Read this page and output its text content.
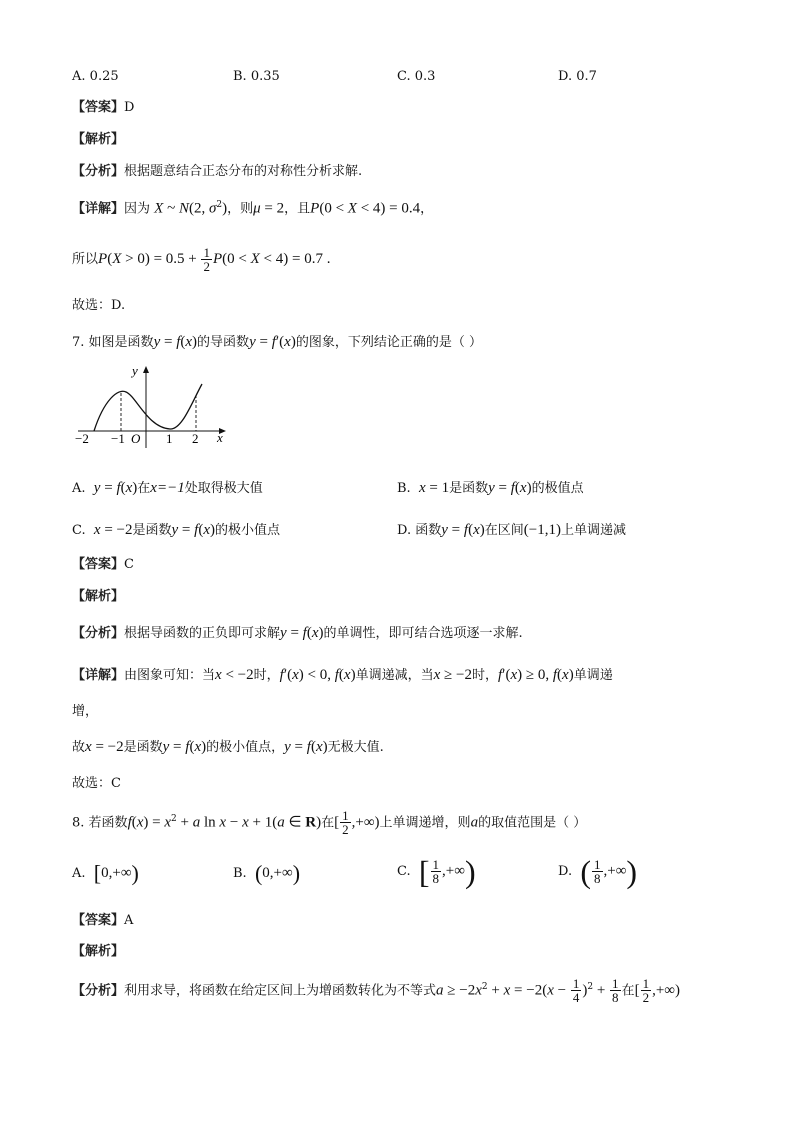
A. 0.25	B. 0.35	C. 0.3	D. 0.7
【答案】D
【解析】
【分析】根据题意结合正态分布的对称性分析求解.
【详解】因为 X ~ N(2, $\sigma^2$)，则μ = 2，且P(0 < X < 4) = 0.4，
所以$P(X > 0) = 0.5 + \frac{1}{2} P(0 < X < 4) = 0.7$ .
故选：D.
7. 如图是函数y = f(x)的导函数y = f′(x)的图象，下列结论正确的是（ ）
y
x
−2 −1 O 1 2
A. y = f(x)在x=−1处取得极大值	B. x = 1是函数y = f(x)的极值点
C. x = −2是函数y = f(x)的极小值点	D. 函数y = f(x)在区间(−1,1)上单调递减
【答案】C
【解析】
【分析】根据导函数的正负即可求解y = f(x)的单调性，即可结合选项逐一求解.
【详解】由图象可知：当x < −2时，f′(x) < 0, f(x)单调递减，当x ≥ −2时，f′(x) ≥ 0, f(x)单调递
增，
故x = −2是函数y = f(x)的极小值点，y = f(x)无极大值.
故选：C
8. 若函数$f(x) = x^2 + a$ ln x − x + 1(a ∈ R)在[ $\frac{1}{2}$ ,+∞)上单调递增，则a的取值范围是（ ）
A. [0,+∞)	B. (0,+∞)	C. [ $\frac{1}{8}$ ,+∞)	D. ( $\frac{1}{8}$ ,+∞)
【答案】A
【解析】
【分析】利用求导，将函数在给定区间上为增函数转化为不等式$a \ge -2x^2 + x = -2(x - \frac{1}{4} )^2 + \frac{1}{8}$ 在[ $\frac{1}{2}$ ,+∞)
